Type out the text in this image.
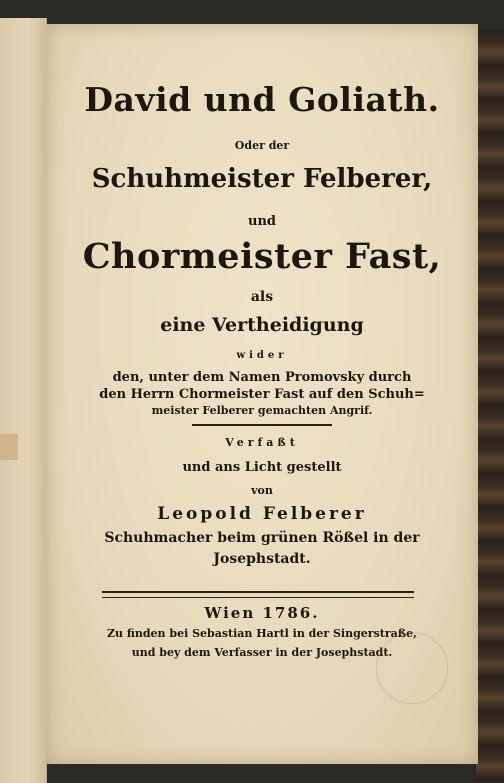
David und Goliath.
Oder der
Schuhmeister Felberer,
und
Chormeister Fast,
als
eine Vertheidigung
wider
den, unter dem Namen Promovsky durch
den Herrn Chormeister Fast auf den Schuh=
meister Felberer gemachten Angrif.
Verfaßt
und ans Licht gestellt
von
Leopold Felberer
Schuhmacher beim grünen Rößel in der
Josephstadt.
Wien 1786.
Zu finden bei Sebastian Hartl in der Singerstraße,
und bey dem Verfasser in der Josephstadt.
